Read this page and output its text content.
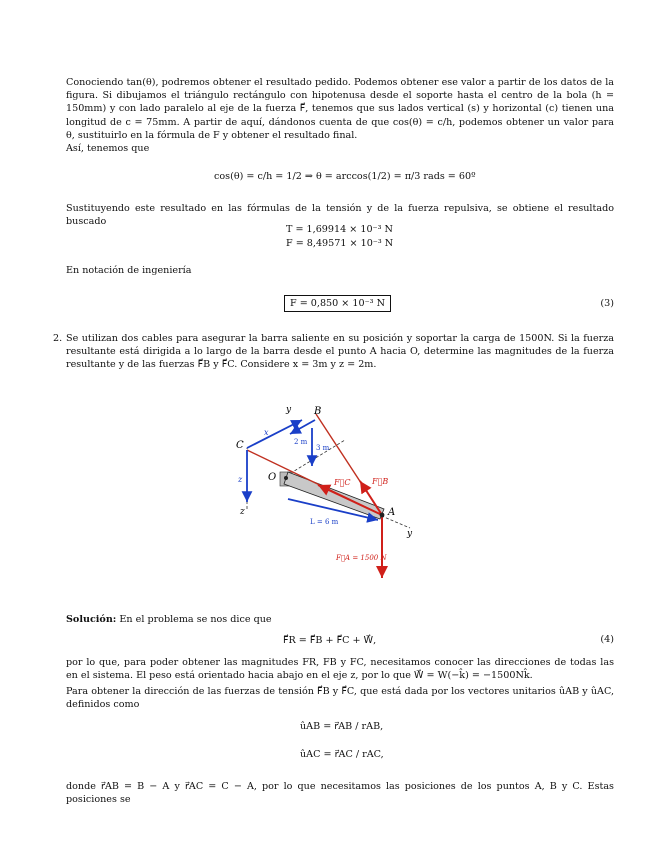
Conociendo tan(θ), podremos obtener el resultado pedido. Podemos obtener ese valor a partir de los datos de la figura. Si dibujamos el triángulo rectángulo con hipotenusa desde el soporte hasta el centro de la bola (h = 150mm) y con lado paralelo al eje de la fuerza F⃗, tenemos que sus lados vertical (s) y horizontal (c) tienen una longitud de c = 75mm. A partir de aquí, dándonos cuenta de que cos(θ) = c/h, podemos obtener un valor para θ, sustituirlo en la fórmula de F y obtener el resultado final.
Así, tenemos que
cos(θ) = c/h = 1/2 ⇒ θ = arccos(1/2) = π/3 rads = 60º
Sustituyendo este resultado en las fórmulas de la tensión y de la fuerza repulsiva, se obtiene el resultado buscado
T = 1,69914 × 10⁻³ N
F = 8,49571 × 10⁻³ N
En notación de ingeniería
F = 0,850 × 10⁻³ N	(3)
2. Se utilizan dos cables para asegurar la barra saliente en su posición y soportar la carga de 1500N. Si la fuerza resultante está dirigida a lo largo de la barra desde el punto A hacia O, determine las magnitudes de la fuerza resultante y de las fuerzas F⃗B y F⃗C. Considere x = 3m y z = 2m.
B
C
O
A
y
x
z
z
y
2 m
3 m
L = 6 m
F⃗C	F⃗B
F⃗A = 1500 N
Solución: En el problema se nos dice que
F⃗R = F⃗B + F⃗C + W⃗,	(4)
por lo que, para poder obtener las magnitudes FR, FB y FC, necesitamos conocer las direcciones de todas las en el sistema. El peso está orientado hacia abajo en el eje z, por lo que W⃗ = W(−k̂) = −1500Nk̂.
Para obtener la dirección de las fuerzas de tensión F⃗B y F⃗C, que está dada por los vectores unitarios ûAB y ûAC, definidos como
ûAB = r⃗AB / rAB,
ûAC = r⃗AC / rAC,
donde r⃗AB = B − A y r⃗AC = C − A, por lo que necesitamos las posiciones de los puntos A, B y C. Estas posiciones se
